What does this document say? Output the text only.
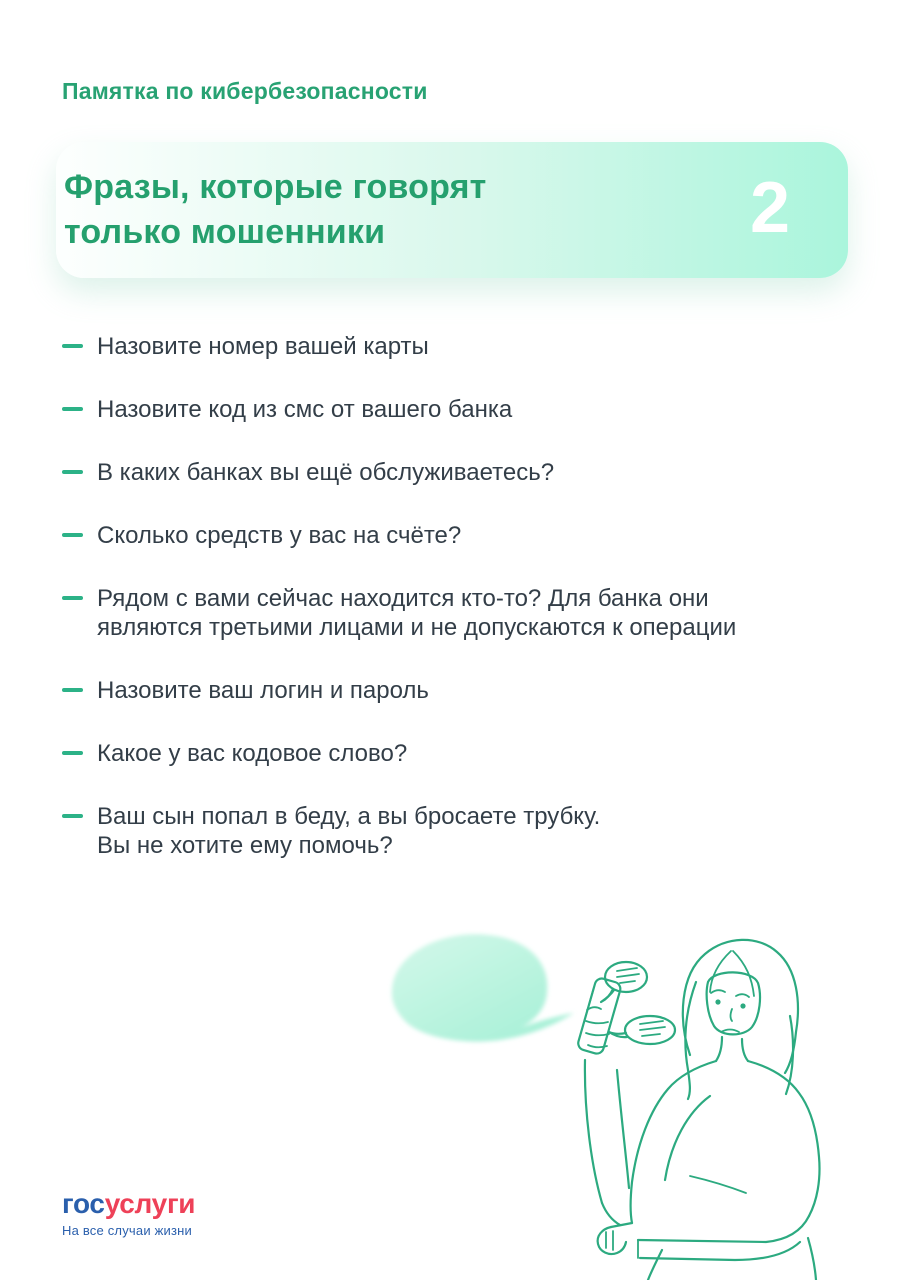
Памятка по кибербезопасности
Фразы, которые говорят
только мошенники	2
Назовите номер вашей карты
Назовите код из смс от вашего банка
В каких банках вы ещё обслуживаетесь?
Сколько средств у вас на счёте?
Рядом с вами сейчас находится кто-то? Для банка они
являются третьими лицами и не допускаются к операции
Назовите ваш логин и пароль
Какое у вас кодовое слово?
Ваш сын попал в беду, а вы бросаете трубку.
Вы не хотите ему помочь?
госуслуги
На все случаи жизни
